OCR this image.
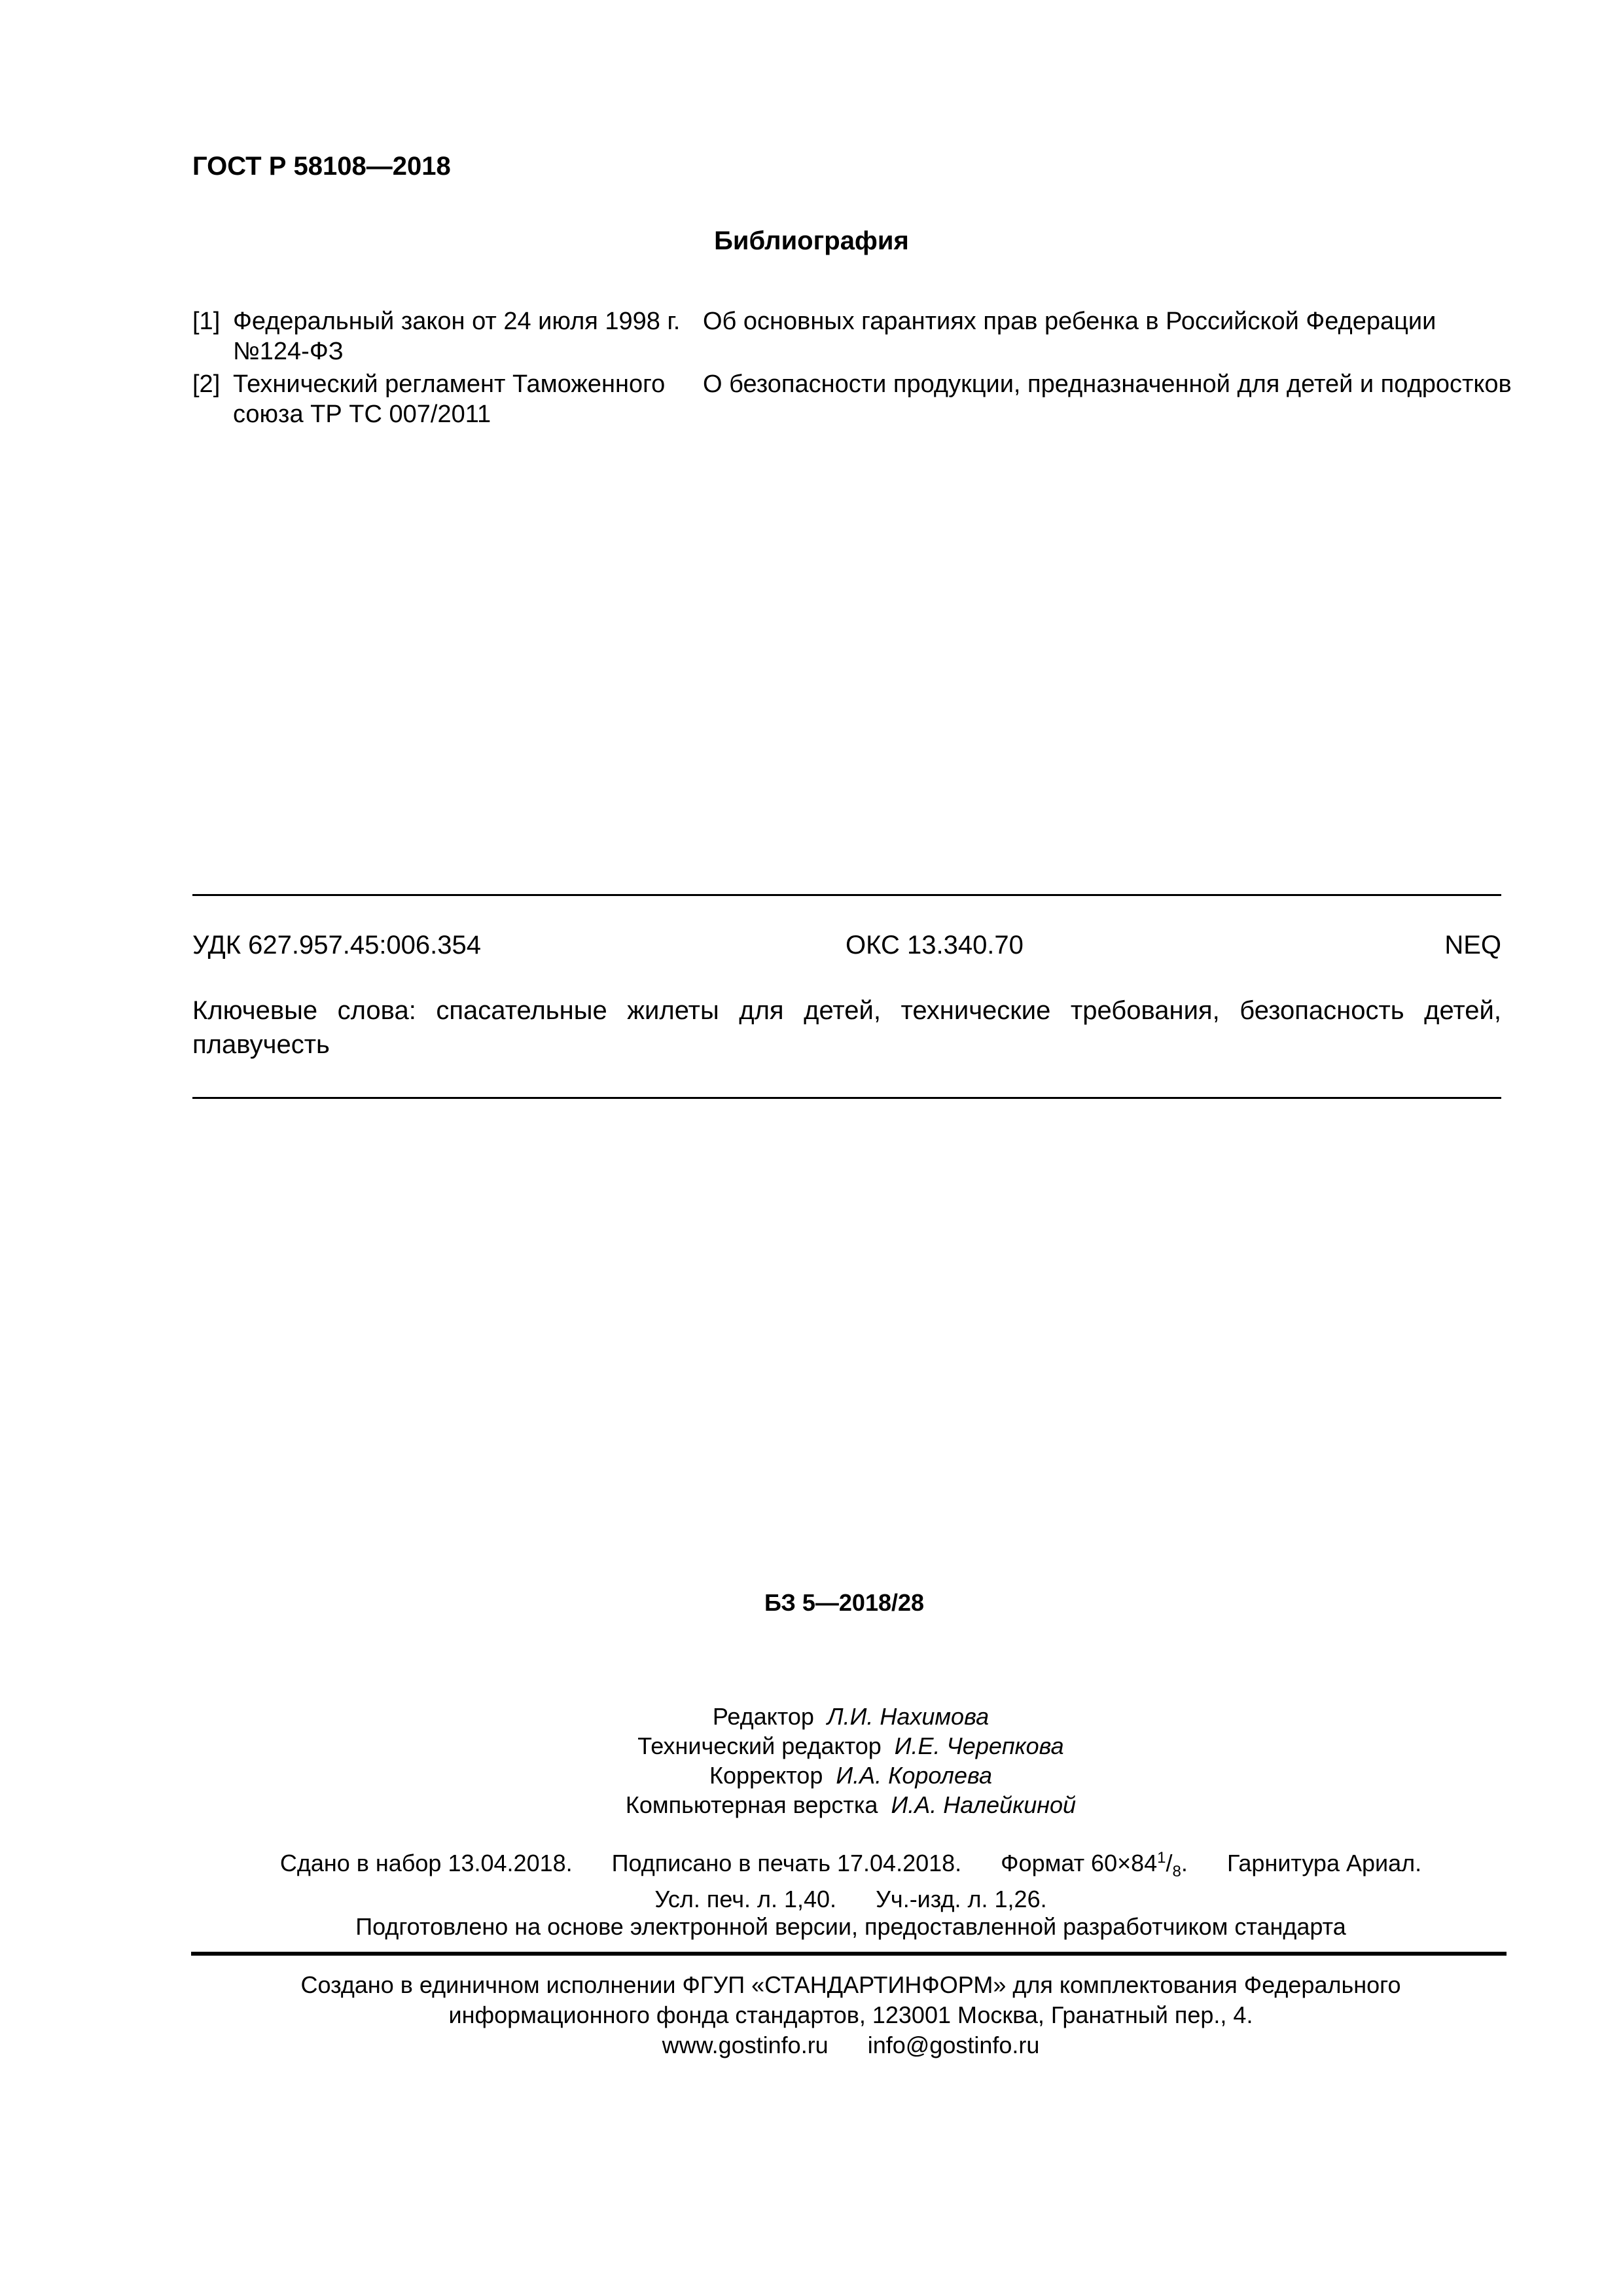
ГОСТ Р 58108—2018
Библиография
[1] Федеральный закон от 24 июля 1998 г.
№124-ФЗ
Об основных гарантиях прав ребенка в Российской Федерации
[2] Технический регламент Таможенного
союза ТР ТС 007/2011
О безопасности продукции, предназначенной для детей и подростков
УДК 627.957.45:006.354	ОКС 13.340.70	NEQ
Ключевые слова: спасательные жилеты для детей, технические требования, безопасность детей, плавучесть
БЗ 5—2018/28
Редактор Л.И. Нахимова
Технический редактор И.Е. Черепкова
Корректор И.А. Королева
Компьютерная верстка И.А. Налейкиной
Сдано в набор 13.04.2018. Подписано в печать 17.04.2018. Формат $60\times 84^1/_8$. Гарнитура Ариал.
Усл. печ. л. 1,40. Уч.-изд. л. 1,26.
Подготовлено на основе электронной версии, предоставленной разработчиком стандарта
Создано в единичном исполнении ФГУП «СТАНДАРТИНФОРМ» для комплектования Федерального
информационного фонда стандартов, 123001 Москва, Гранатный пер., 4.
www.gostinfo.ru info@gostinfo.ru
